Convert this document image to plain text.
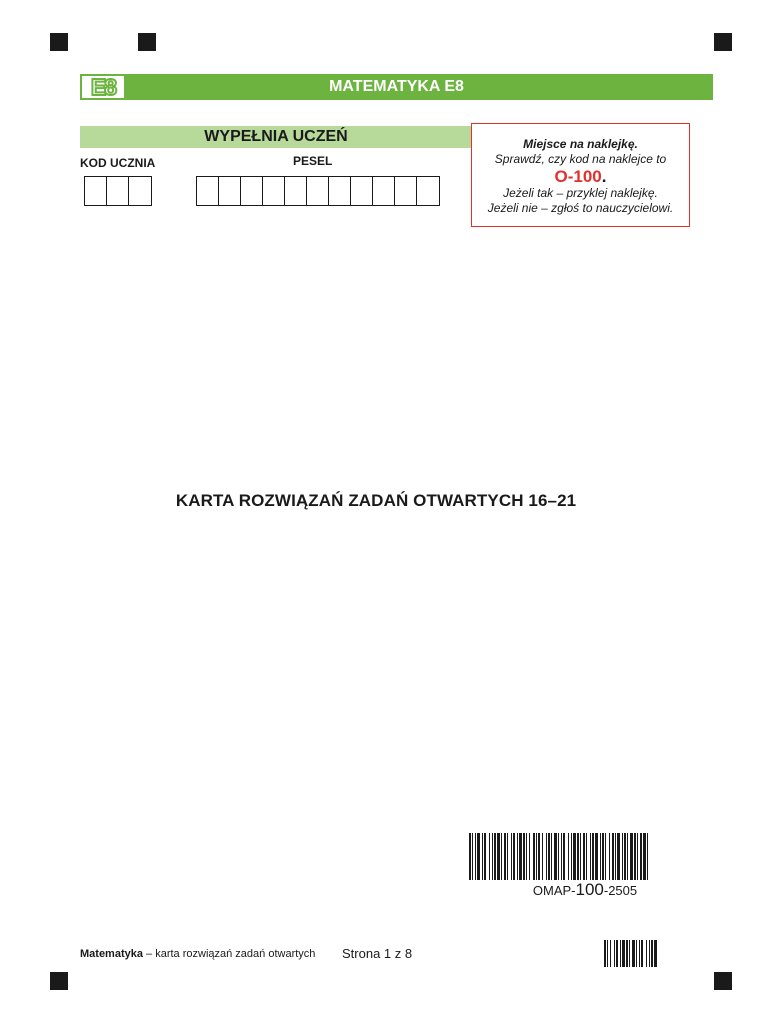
MATEMATYKA E8
E8
WYPEŁNIA UCZEŃ
KOD UCZNIA	PESEL
Miejsce na naklejkę.
Sprawdź, czy kod na naklejce to
O-100.
Jeżeli tak – przyklej naklejkę.
Jeżeli nie – zgłoś to nauczycielowi.
KARTA ROZWIĄZAŃ ZADAŃ OTWARTYCH 16–21
OMAP-100-2505
Matematyka – karta rozwiązań zadań otwartych Strona 1 z 8
